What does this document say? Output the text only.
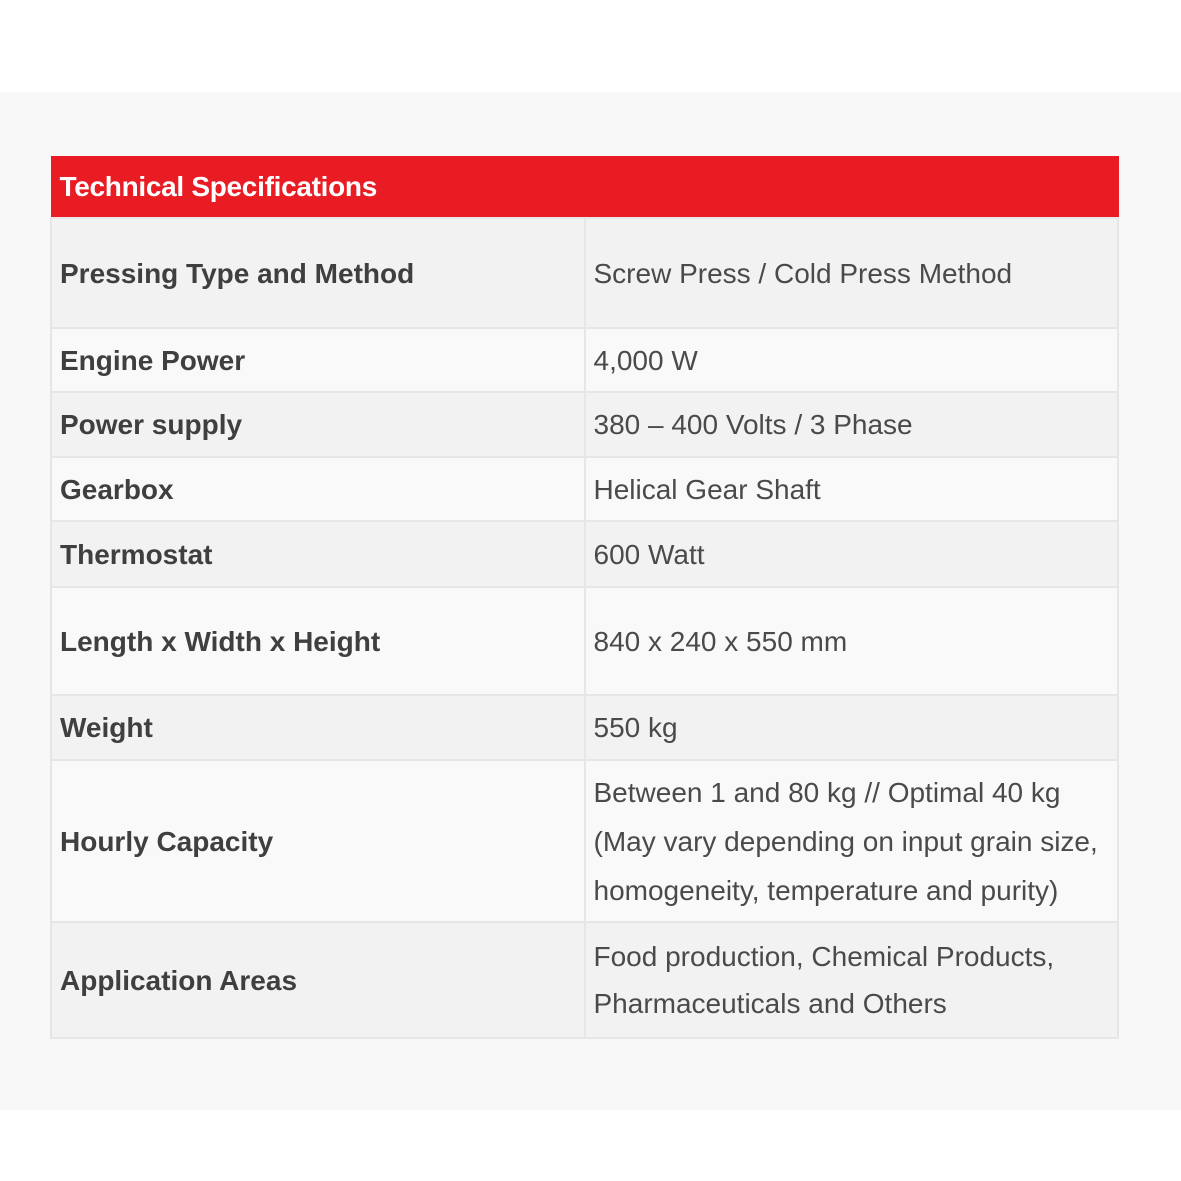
Technical Specifications	
Pressing Type and Method	Screw Press / Cold Press Method

Engine Power	4,000 W

Power supply	380 – 400 Volts / 3 Phase

Gearbox	Helical Gear Shaft

Thermostat	600 Watt

Length x Width x Height	840 x 240 x 550 mm

Weight	550 kg

Hourly Capacity	Between 1 and 80 kg // Optimal 40 kg
(May vary depending on input grain size, homogeneity, temperature and purity)

Application Areas	Food production, Chemical Products, Pharmaceuticals and Others
